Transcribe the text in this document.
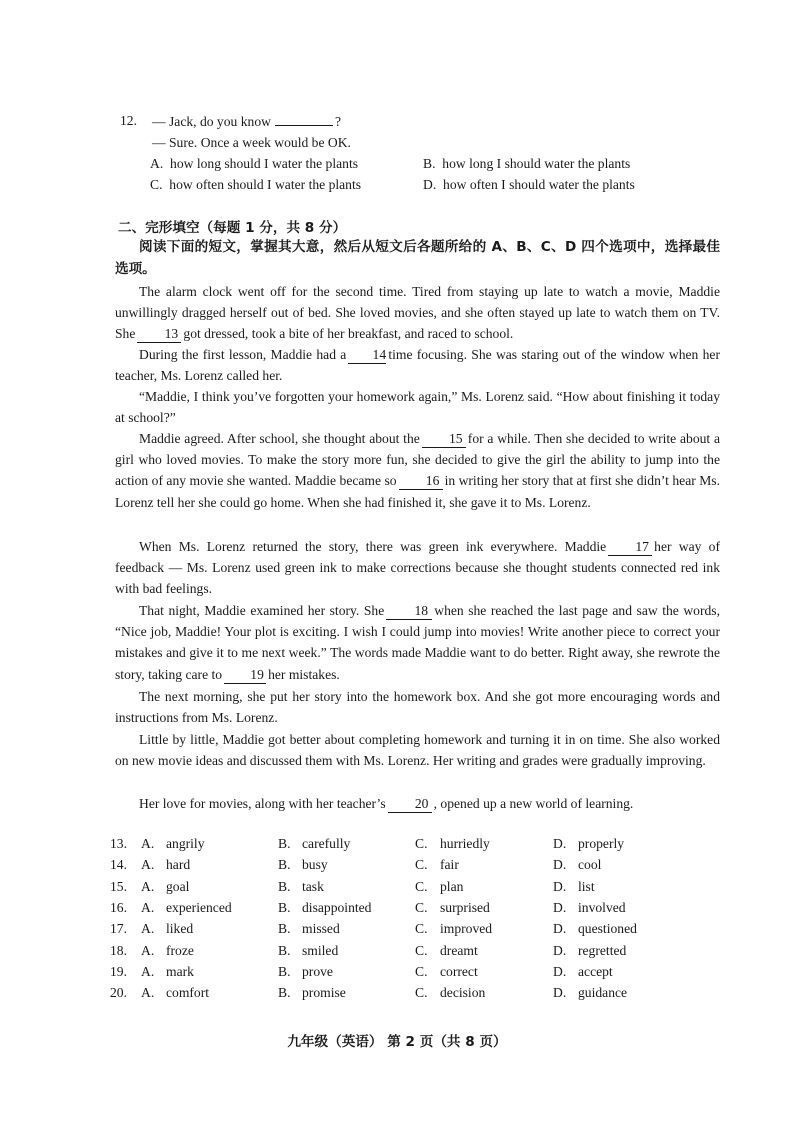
12. — Jack, do you know	?
— Sure. Once a week would be OK.
A. how long should I water the plants	B. how long I should water the plants
C. how often should I water the plants	D. how often I should water the plants
二、完形填空（每题 1 分，共 8 分）
阅读下面的短文，掌握其大意，然后从短文后各题所给的 A、B、C、D 四个选项中，选择最佳选项。
The alarm clock went off for the second time. Tired from staying up late to watch a movie, Maddie unwillingly dragged herself out of bed. She loved movies, and she often stayed up late to watch them on TV. She 13 got dressed, took a bite of her breakfast, and raced to school.
During the first lesson, Maddie had a 14 time focusing. She was staring out of the window when her teacher, Ms. Lorenz called her.
“Maddie, I think you’ve forgotten your homework again,” Ms. Lorenz said. “How about finishing it today at school?”
Maddie agreed. After school, she thought about the 15 for a while. Then she decided to write about a girl who loved movies. To make the story more fun, she decided to give the girl the ability to jump into the action of any movie she wanted. Maddie became so 16 in writing her story that at first she didn’t hear Ms. Lorenz tell her she could go home. When she had finished it, she gave it to Ms. Lorenz.
When Ms. Lorenz returned the story, there was green ink everywhere. Maddie 17 her way of feedback — Ms. Lorenz used green ink to make corrections because she thought students connected red ink with bad feelings.
That night, Maddie examined her story. She 18 when she reached the last page and saw the words, “Nice job, Maddie! Your plot is exciting. I wish I could jump into movies! Write another piece to correct your mistakes and give it to me next week.” The words made Maddie want to do better. Right away, she rewrote the story, taking care to 19 her mistakes.
The next morning, she put her story into the homework box. And she got more encouraging words and instructions from Ms. Lorenz.
Little by little, Maddie got better about completing homework and turning it in on time. She also worked on new movie ideas and discussed them with Ms. Lorenz. Her writing and grades were gradually improving.
Her love for movies, along with her teacher’s 20 , opened up a new world of learning.
13. A. angrily	B. carefully	C. hurriedly	D. properly
14. A. hard	B. busy	C. fair	D. cool
15. A. goal	B. task	C. plan	D. list
16. A. experienced	B. disappointed	C. surprised	D. involved
17. A. liked	B. missed	C. improved	D. questioned
18. A. froze	B. smiled	C. dreamt	D. regretted
19. A. mark	B. prove	C. correct	D. accept
20. A. comfort	B. promise	C. decision	D. guidance
九年级（英语） 第 2 页（共 8 页）
